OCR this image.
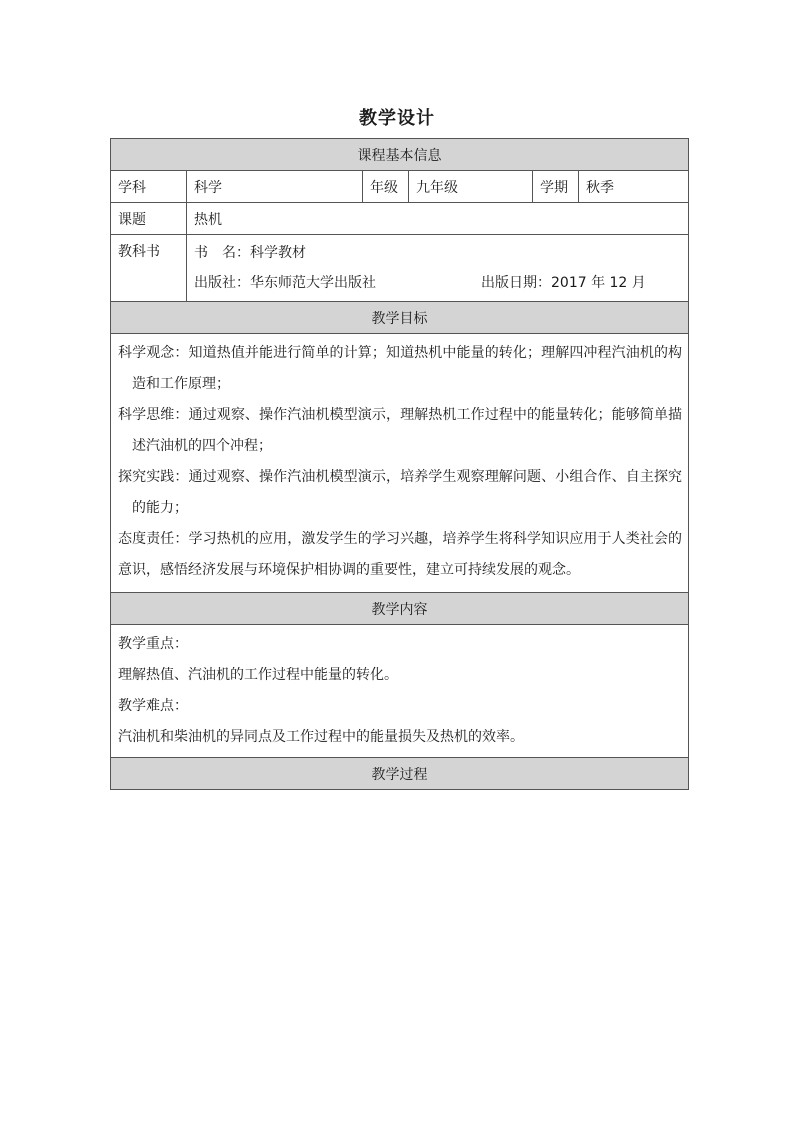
教学设计
课程基本信息					
学科	科学	年级	九年级	学期	秋季
课题	热机				
教科书	书　名：科学教材
出版社：华东师范大学出版社 出版日期：2017 年 12 月				

教学目标					

科学观念：知道热值并能进行简单的计算；知道热机中能量的转化；理解四冲程汽油机的构造和工作原理；

科学思维：通过观察、操作汽油机模型演示，理解热机工作过程中的能量转化；能够简单描述汽油机的四个冲程；

探究实践：通过观察、操作汽油机模型演示，培养学生观察理解问题、小组合作、自主探究的能力；

态度责任：学习热机的应用，激发学生的学习兴趣，培养学生将科学知识应用于人类社会的意识，感悟经济发展与环境保护相协调的重要性，建立可持续发展的观念。					

教学内容					

教学重点：

理解热值、汽油机的工作过程中能量的转化。

教学难点：

汽油机和柴油机的异同点及工作过程中的能量损失及热机的效率。					

教学过程					
